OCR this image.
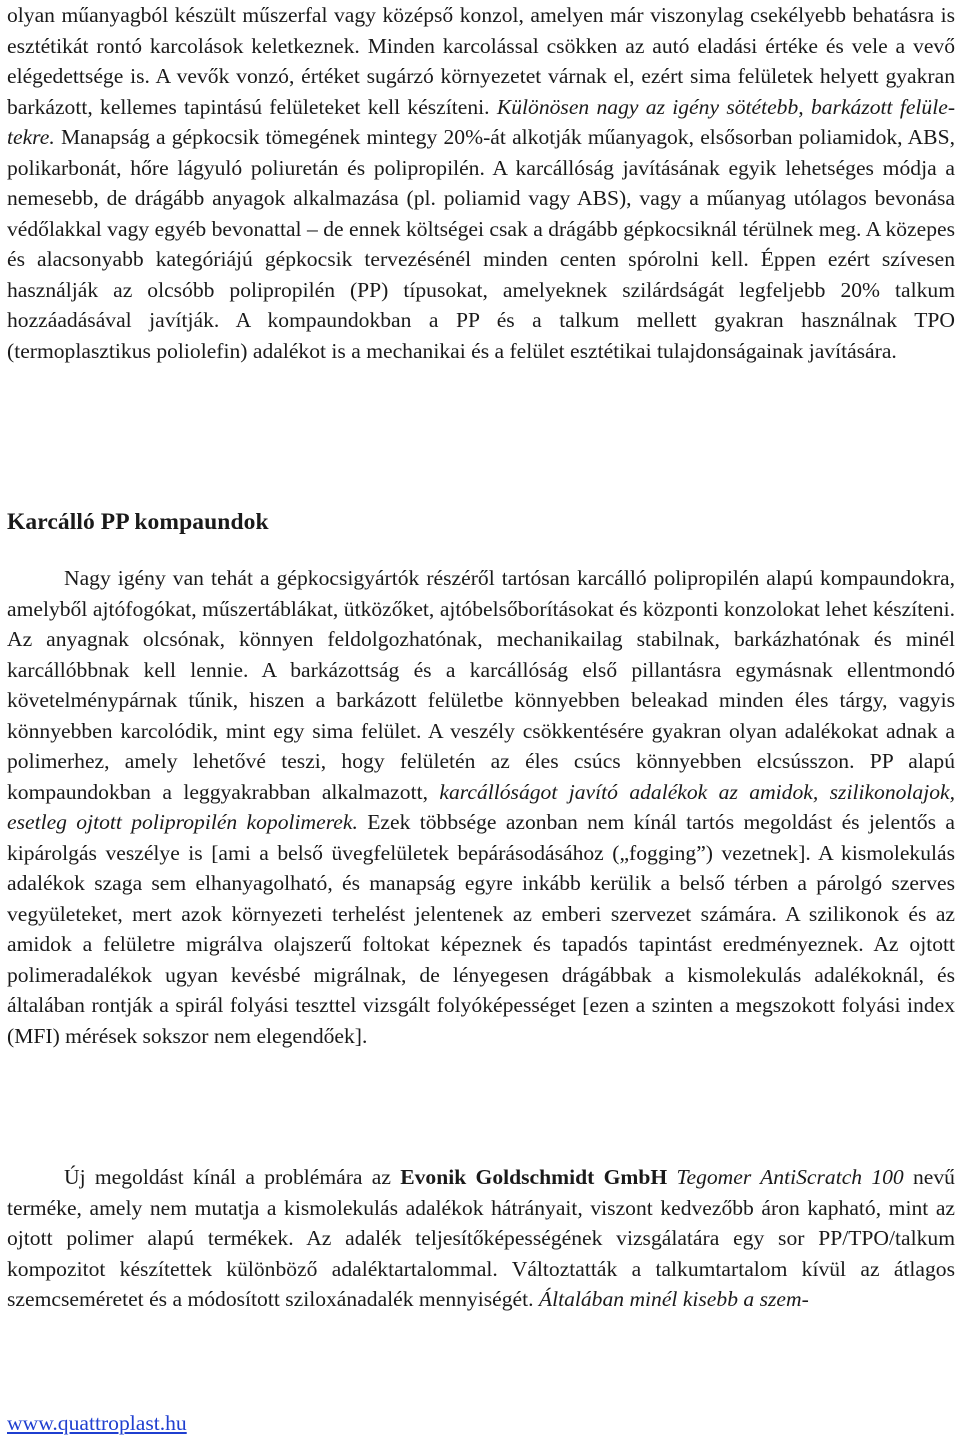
olyan műanyagból készült műszerfal vagy középső konzol, amelyen már viszonylag csekélyebb behatásra is esztétikát rontó karcolások keletkeznek. Minden karcolással csökken az autó eladási értéke és vele a vevő elégedettsége is. A vevők vonzó, értéket sugárzó környezetet várnak el, ezért sima felületek helyett gyakran barkázott, kellemes tapintású felületeket kell készíteni. Különösen nagy az igény sötétebb, barkázott felületekre. Manapság a gépkocsik tömegének mintegy 20%-át alkotják műanyagok, elsősorban poliamidok, ABS, polikarbonát, hőre lágyuló poliuretán és polipropilén. A karcállóság javításának egyik lehetséges módja a nemesebb, de drágább anyagok alkalmazása (pl. poliamid vagy ABS), vagy a műanyag utólagos bevonása védőlakkal vagy egyéb bevonattal – de ennek költségei csak a drágább gépkocsiknál térülnek meg. A közepes és alacsonyabb kategóriájú gépkocsik tervezésénél minden centen spórolni kell. Éppen ezért szívesen használják az olcsóbb polipropilén (PP) típusokat, amelyeknek szilárdságát legfeljebb 20% talkum hozzáadásával javítják. A kompaundokban a PP és a talkum mellett gyakran használnak TPO (termoplasztikus poliolefin) adalékot is a mechanikai és a felület esztétikai tulajdonságainak javítására.

Karcálló PP kompaundok

Nagy igény van tehát a gépkocsigyártók részéről tartósan karcálló polipropilén alapú kompaundokra, amelyből ajtófogókat, műszertáblákat, ütközőket, ajtóbelsőborításokat és központi konzolokat lehet készíteni. Az anyagnak olcsónak, könnyen feldolgozhatónak, mechanikailag stabilnak, barkázhatónak és minél karcállóbbnak kell lennie. A barkázottság és a karcállóság első pillantásra egymásnak ellentmondó követelménypárnak tűnik, hiszen a barkázott felületbe könnyebben beleakad minden éles tárgy, vagyis könnyebben karcolódik, mint egy sima felület. A veszély csökkentésére gyakran olyan adalékokat adnak a polimerhez, amely lehetővé teszi, hogy felületén az éles csúcs könnyebben elcsússzon. PP alapú kompaundokban a leggyakrabban alkalmazott, karcállóságot javító adalékok az amidok, szilikonolajok, esetleg ojtott polipropilén kopolimerek. Ezek többsége azonban nem kínál tartós megoldást és jelentős a kipárolgás veszélye is [ami a belső üvegfelületek bepárásodásához („fogging”) vezetnek]. A kismolekulás adalékok szaga sem elhanyagolható, és manapság egyre inkább kerülik a belső térben a párolgó szerves vegyületeket, mert azok környezeti terhelést jelentenek az emberi szervezet számára. A szilikonok és az amidok a felületre migrálva olajszerű foltokat képeznek és tapadós tapintást eredményeznek. Az ojtott polimeradalékok ugyan kevésbé migrálnak, de lényegesen drágábbak a kismolekulás adalékoknál, és általában rontják a spirál folyási teszttel vizsgált folyóképességet [ezen a szinten a megszokott folyási index (MFI) mérések sokszor nem elegendőek].

Új megoldást kínál a problémára az Evonik Goldschmidt GmbH Tegomer AntiScratch 100 nevű terméke, amely nem mutatja a kismolekulás adalékok hátrányait, viszont kedvezőbb áron kapható, mint az ojtott polimer alapú termékek. Az adalék teljesítőképességének vizsgálatára egy sor PP/TPO/talkum kompozitot készítettek különböző adaléktartalommal. Változtatták a talkumtartalom kívül az átlagos szemcseméretet és a módosított sziloxánadalék mennyiségét. Általában minél kisebb a szem-

www.quattroplast.hu
